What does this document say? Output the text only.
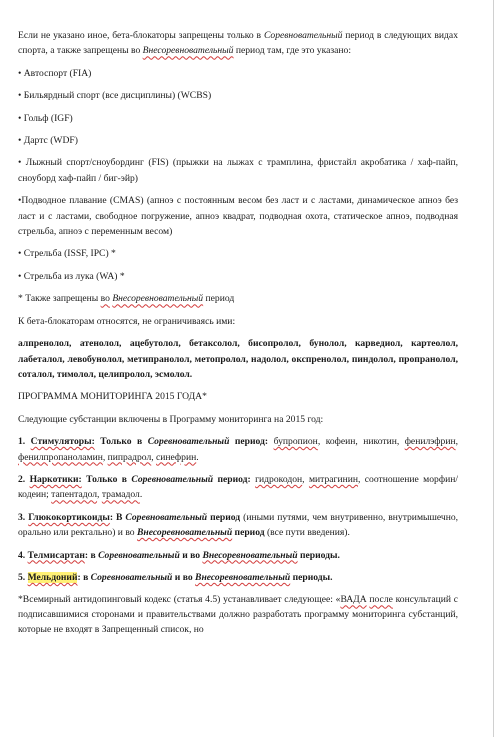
Если не указано иное, бета-блокаторы запрещены только в Соревновательный период в следующих видах спорта, а также запрещены во Внесоревновательный период там, где это указано:

• Автоспорт (FIA)

• Бильярдный спорт (все дисциплины) (WCBS)

• Гольф (IGF)

• Дартс (WDF)

• Лыжный спорт/сноубординг (FIS) (прыжки на лыжах с трамплина, фристайл акробатика / хаф-пайп, сноуборд хаф-пайп / биг-эйр)

•Подводное плавание (CMAS) (апноэ с постоянным весом без ласт и с ластами, динамическое апноэ без ласт и с ластами, свободное погружение, апноэ квадрат, подводная охота, статическое апноэ, подводная стрельба, апноэ с переменным весом)

• Стрельба (ISSF, IPC) *

• Стрельба из лука (WA) *

* Также запрещены во Внесоревновательный период

К бета-блокаторам относятся, не ограничиваясь ими:

алпренолол, атенолол, ацебутолол, бетаксолол, бисопролол, бунолол, карведиол, картеолол, лабеталол, левобунолол, метипранолол, метопролол, надолол, окспренолол, пиндолол, пропранолол, соталол, тимолол, целипролол, эсмолол.

ПРОГРАММА МОНИТОРИНГА 2015 ГОДА*

Следующие субстанции включены в Программу мониторинга на 2015 год:

1. Стимуляторы: Только в Соревновательный период: бупропион, кофеин, никотин, фенилэфрин, фенилпропаноламин, пипрадрол, синефрин.

2. Наркотики: Только в Соревновательный период: гидрокодон, митрагинин, соотношение морфин/кодеин; тапентадол, трамадол.

3. Глюкокортикоиды: В Соревновательный период (иными путями, чем внутривенно, внутримышечно, орально или ректально) и во Внесоревновательный период (все пути введения).

4. Телмисартан: в Соревновательный и во Внесоревновательный периоды.

5. Мельдоний: в Соревновательный и во Внесоревновательный периоды.

*Всемирный антидопинговый кодекс (статья 4.5) устанавливает следующее: «ВАДА после консультаций с подписавшимися сторонами и правительствами должно разработать программу мониторинга субстанций, которые не входят в Запрещенный список, но
